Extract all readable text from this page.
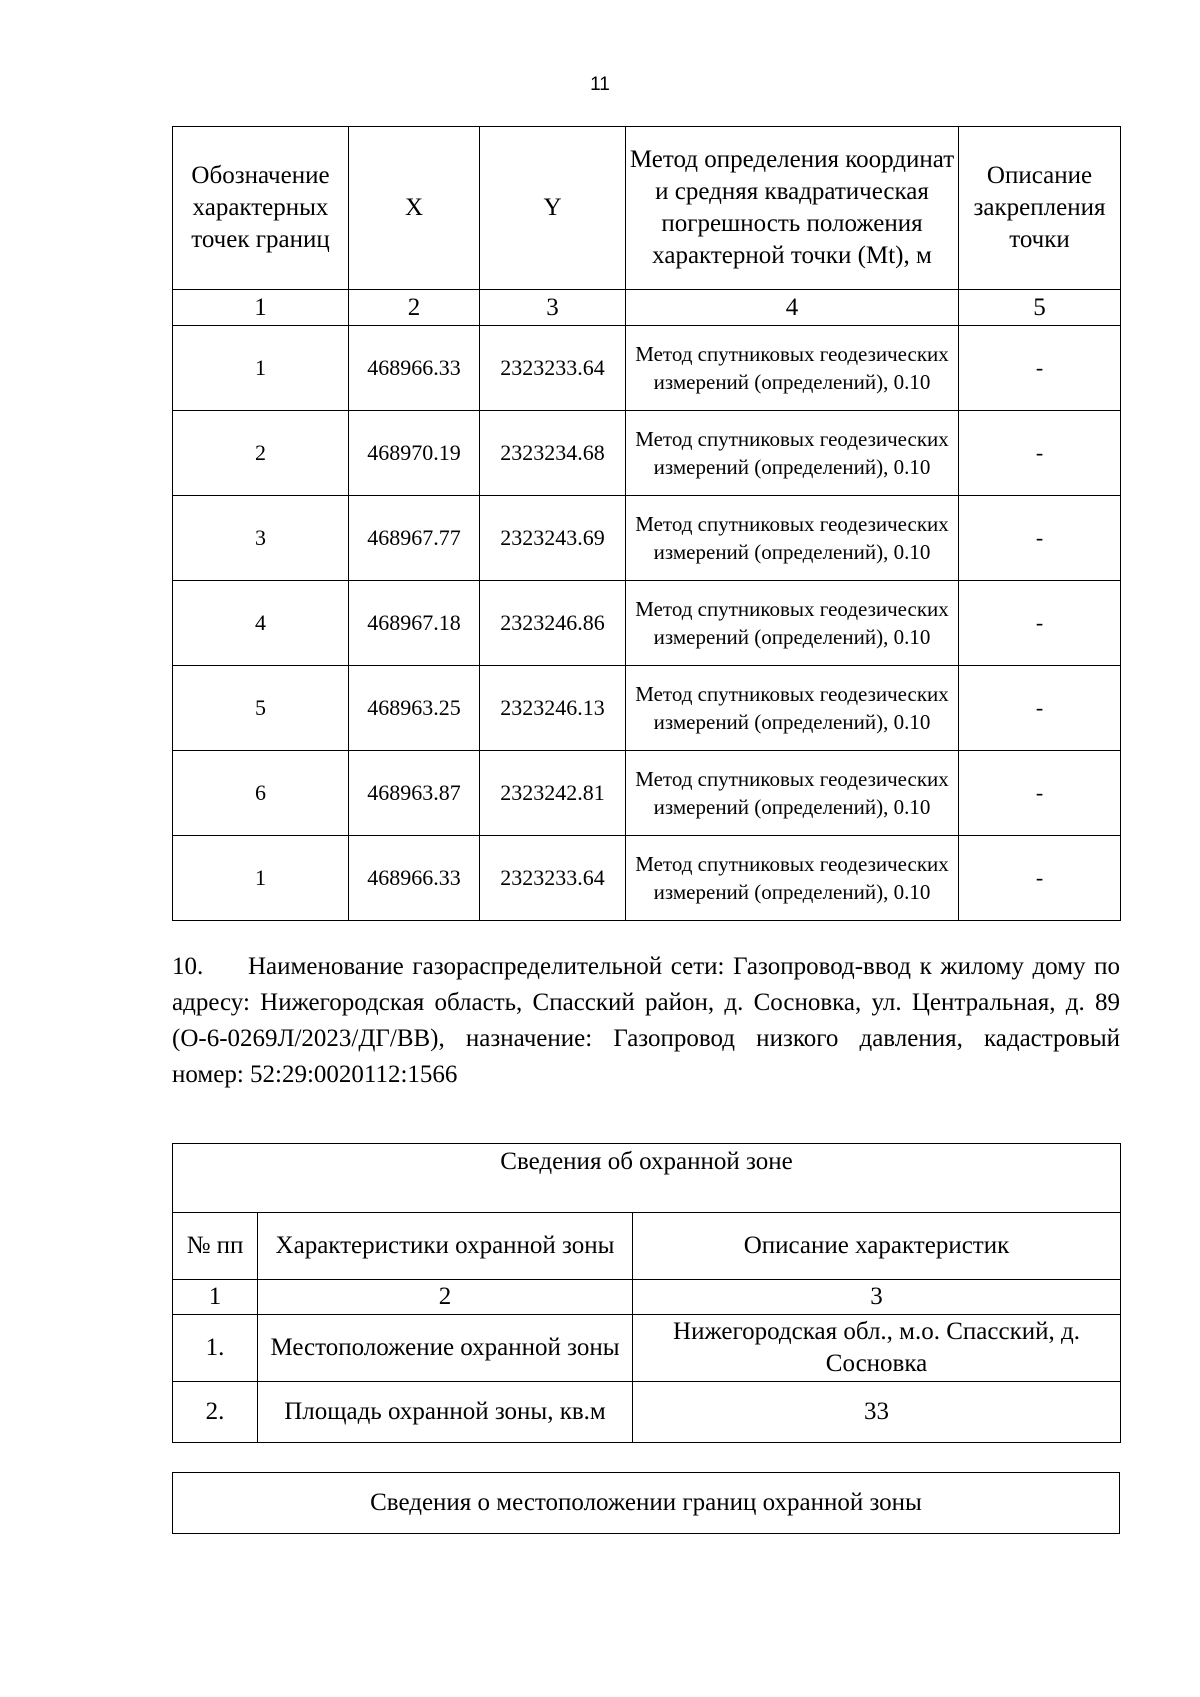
11
Обозначение характерных точек границ	X	Y	Метод определения координат и средняя квадратическая погрешность положения характерной точки (Mt), м	Описание закрепления точки
1	2	3	4	5
1	468966.33	2323233.64	Метод спутниковых геодезических измерений (определений), 0.10	-
2	468970.19	2323234.68	Метод спутниковых геодезических измерений (определений), 0.10	-
3	468967.77	2323243.69	Метод спутниковых геодезических измерений (определений), 0.10	-
4	468967.18	2323246.86	Метод спутниковых геодезических измерений (определений), 0.10	-
5	468963.25	2323246.13	Метод спутниковых геодезических измерений (определений), 0.10	-
6	468963.87	2323242.81	Метод спутниковых геодезических измерений (определений), 0.10	-
1	468966.33	2323233.64	Метод спутниковых геодезических измерений (определений), 0.10	-
10. Наименование газораспределительной сети: Газопровод-ввод к жилому дому по адресу: Нижегородская область, Спасский район, д. Сосновка, ул. Центральная, д. 89 (О-6-0269Л/2023/ДГ/ВВ), назначение: Газопровод низкого давления, кадастровый номер: 52:29:0020112:1566
Сведения об охранной зоне		
№ пп	Характеристики охранной зоны	Описание характеристик
1	2	3
1.	Местоположение охранной зоны	Нижегородская обл., м.о. Спасский, д. Сосновка
2.	Площадь охранной зоны, кв.м	33
Сведения о местоположении границ охранной зоны
